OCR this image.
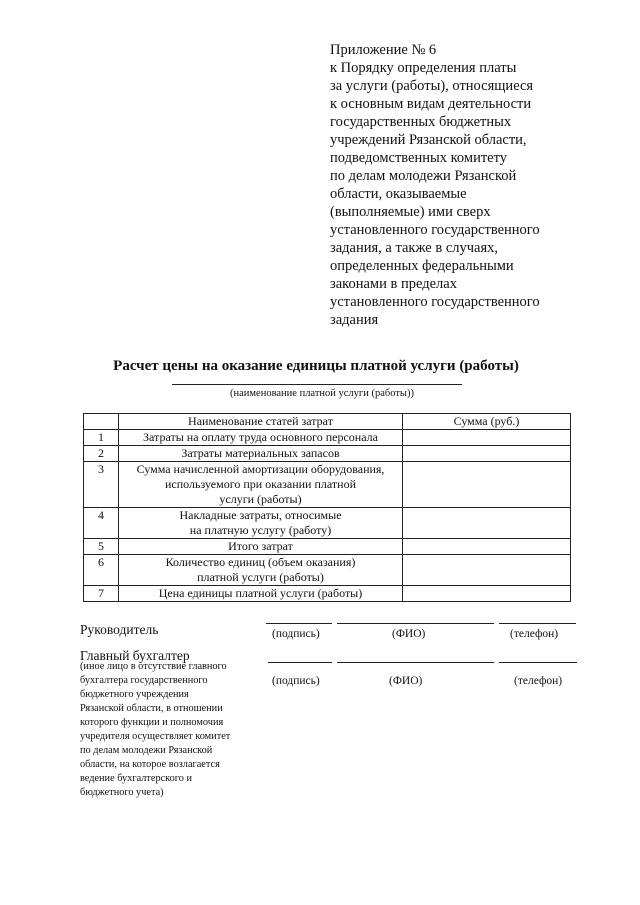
Приложение № 6
к Порядку определения платы
за услуги (работы), относящиеся
к основным видам деятельности
государственных бюджетных
учреждений Рязанской области,
подведомственных комитету
по делам молодежи Рязанской
области, оказываемые
(выполняемые) ими сверх
установленного государственного
задания, а также в случаях,
определенных федеральными
законами в пределах
установленного государственного
задания
Расчет цены на оказание единицы платной услуги (работы)
(наименование платной услуги (работы))
	Наименование статей затрат	Сумма (руб.)
1	Затраты на оплату труда основного персонала	

2	Затраты материальных запасов	

3	Сумма начисленной амортизации оборудования,
используемого при оказании платной
услуги (работы)	

4	Накладные затраты, относимые
на платную услугу (работу)	

5	Итого затрат	

6	Количество единиц (объем оказания)
платной услуги (работы)	

7	Цена единицы платной услуги (работы)	

Руководитель	(подпись)	(ФИО)	(телефон)
Главный бухгалтер
(иное лицо в отсутствие главного
бухгалтера государственного
бюджетного учреждения
Рязанской области, в отношении
которого функции и полномочия
учредителя осуществляет комитет
по делам молодежи Рязанской
области, на которое возлагается
ведение бухгалтерского и
бюджетного учета)
(подпись)	(ФИО)	(телефон)
